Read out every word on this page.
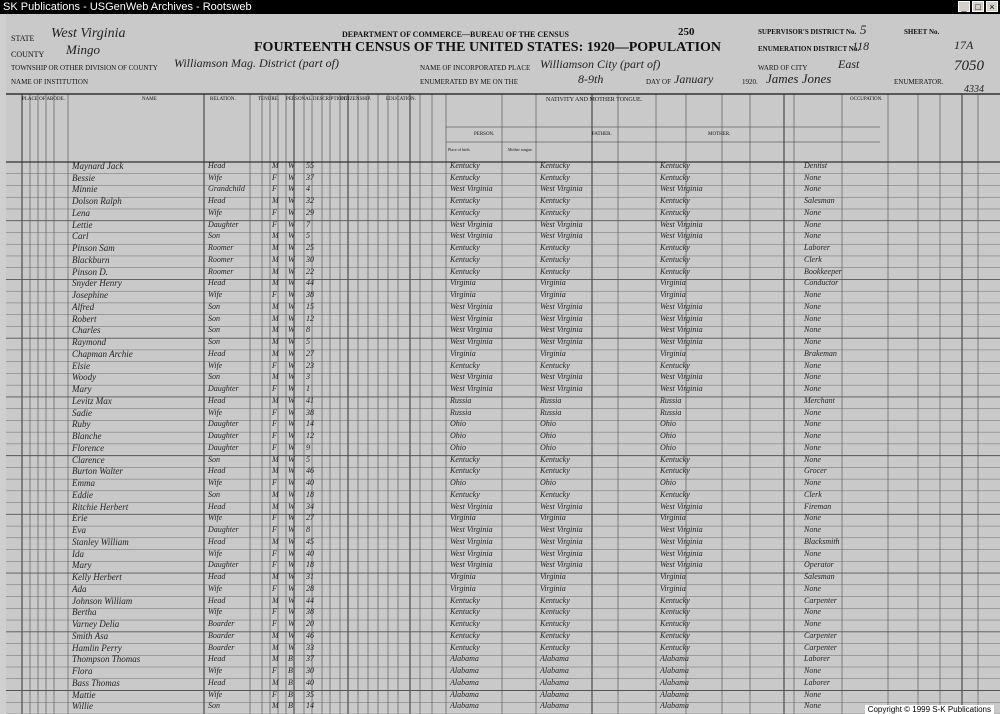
SK Publications - USGenWeb Archives - Rootsweb	_ □ ×
STATE West Virginia
COUNTY Mingo
TOWNSHIP OR OTHER DIVISION OF COUNTY Williamson Mag. District (part of)
NAME OF INSTITUTION
DEPARTMENT OF COMMERCE—BUREAU OF THE CENSUS
FOURTEENTH CENSUS OF THE UNITED STATES: 1920—POPULATION
250
NAME OF INCORPORATED PLACE Williamson City (part of)
ENUMERATED BY ME ON THE	8-9th	DAY OF January	1920. James Jones	ENUMERATOR.
SUPERVISOR'S DISTRICT No. 5
ENUMERATION DISTRICT No.
118
WARD OF CITY	East
SHEET No.
17A
7050
4334
PLACE OF ABODE.	NAME	RELATION.	TENURE. PERSONAL DESCRIPTION.
CITIZENSHIP.	EDUCATION.	NATIVITY AND MOTHER TONGUE.
PERSON.	FATHER.	MOTHER.
OCCUPATION.
Place of birth.	Mother tongue.
Maynard Jack	Head	M W 55	Kentucky	Kentucky	Kentucky	Dentist
Bessie	Wife	F W 37	Kentucky	Kentucky	Kentucky	None
Minnie	Grandchild	F W 4	West Virginia	West Virginia	West Virginia	None
Dolson Ralph	Head	M W 32	Kentucky	Kentucky	Kentucky	Salesman
Lena	Wife	F W 29	Kentucky	Kentucky	Kentucky	None
Lettie	Daughter	F W 7	West Virginia	West Virginia	West Virginia	None
Carl	Son	M W 5	West Virginia	West Virginia	West Virginia	None
Pinson Sam	Roomer	M W 25	Kentucky	Kentucky	Kentucky	Laborer
Blackburn	Roomer	M W 30	Kentucky	Kentucky	Kentucky	Clerk
Pinson D.	Roomer	M W 22	Kentucky	Kentucky	Kentucky	Bookkeeper
Snyder Henry	Head	M W 44	Virginia	Virginia	Virginia	Conductor
Josephine	Wife	F W 38	Virginia	Virginia	Virginia	None
Alfred	Son	M W 15	West Virginia	West Virginia	West Virginia	None
Robert	Son	M W 12	West Virginia	West Virginia	West Virginia	None
Charles	Son	M W 8	West Virginia	West Virginia	West Virginia	None
Raymond	Son	M W 5	West Virginia	West Virginia	West Virginia	None
Chapman Archie	Head	M W 27	Virginia	Virginia	Virginia	Brakeman
Elsie	Wife	F W 23	Kentucky	Kentucky	Kentucky	None
Woody	Son	M W 3	West Virginia	West Virginia	West Virginia	None
Mary	Daughter	F W 1	West Virginia	West Virginia	West Virginia	None
Levitz Max	Head	M W 41	Russia	Russia	Russia	Merchant
Sadie	Wife	F W 38	Russia	Russia	Russia	None
Ruby	Daughter	F W 14	Ohio	Ohio	Ohio	None
Blanche	Daughter	F W 12	Ohio	Ohio	Ohio	None
Florence	Daughter	F W 9	Ohio	Ohio	Ohio	None
Clarence	Son	M W 5	Kentucky	Kentucky	Kentucky	None
Burton Walter	Head	M W 46	Kentucky	Kentucky	Kentucky	Grocer
Emma	Wife	F W 40	Ohio	Ohio	Ohio	None
Eddie	Son	M W 18	Kentucky	Kentucky	Kentucky	Clerk
Ritchie Herbert	Head	M W 34	West Virginia	West Virginia	West Virginia	Fireman
Erie	Wife	F W 27	Virginia	Virginia	Virginia	None
Eva	Daughter	F W 8	West Virginia	West Virginia	West Virginia	None
Stanley William	Head	M W 45	West Virginia	West Virginia	West Virginia	Blacksmith
Ida	Wife	F W 40	West Virginia	West Virginia	West Virginia	None
Mary	Daughter	F W 18	West Virginia	West Virginia	West Virginia	Operator
Kelly Herbert	Head	M W 31	Virginia	Virginia	Virginia	Salesman
Ada	Wife	F W 28	Virginia	Virginia	Virginia	None
Johnson William	Head	M W 44	Kentucky	Kentucky	Kentucky	Carpenter
Bertha	Wife	F W 38	Kentucky	Kentucky	Kentucky	None
Varney Delia	Boarder	F W 20	Kentucky	Kentucky	Kentucky	None
Smith Asa	Boarder	M W 46	Kentucky	Kentucky	Kentucky	Carpenter
Hamlin Perry	Boarder	M W 33	Kentucky	Kentucky	Kentucky	Carpenter
Thompson Thomas	Head	M B 37	Alabama	Alabama	Alabama	Laborer
Flora	Wife	F B 30	Alabama	Alabama	Alabama	None
Bass Thomas	Head	M B 40	Alabama	Alabama	Alabama	Laborer
Mattie	Wife	F B 35	Alabama	Alabama	Alabama	None
Willie	Son	M B 14	Alabama	Alabama	Alabama	None	Copyright © 1999 S-K Publications
